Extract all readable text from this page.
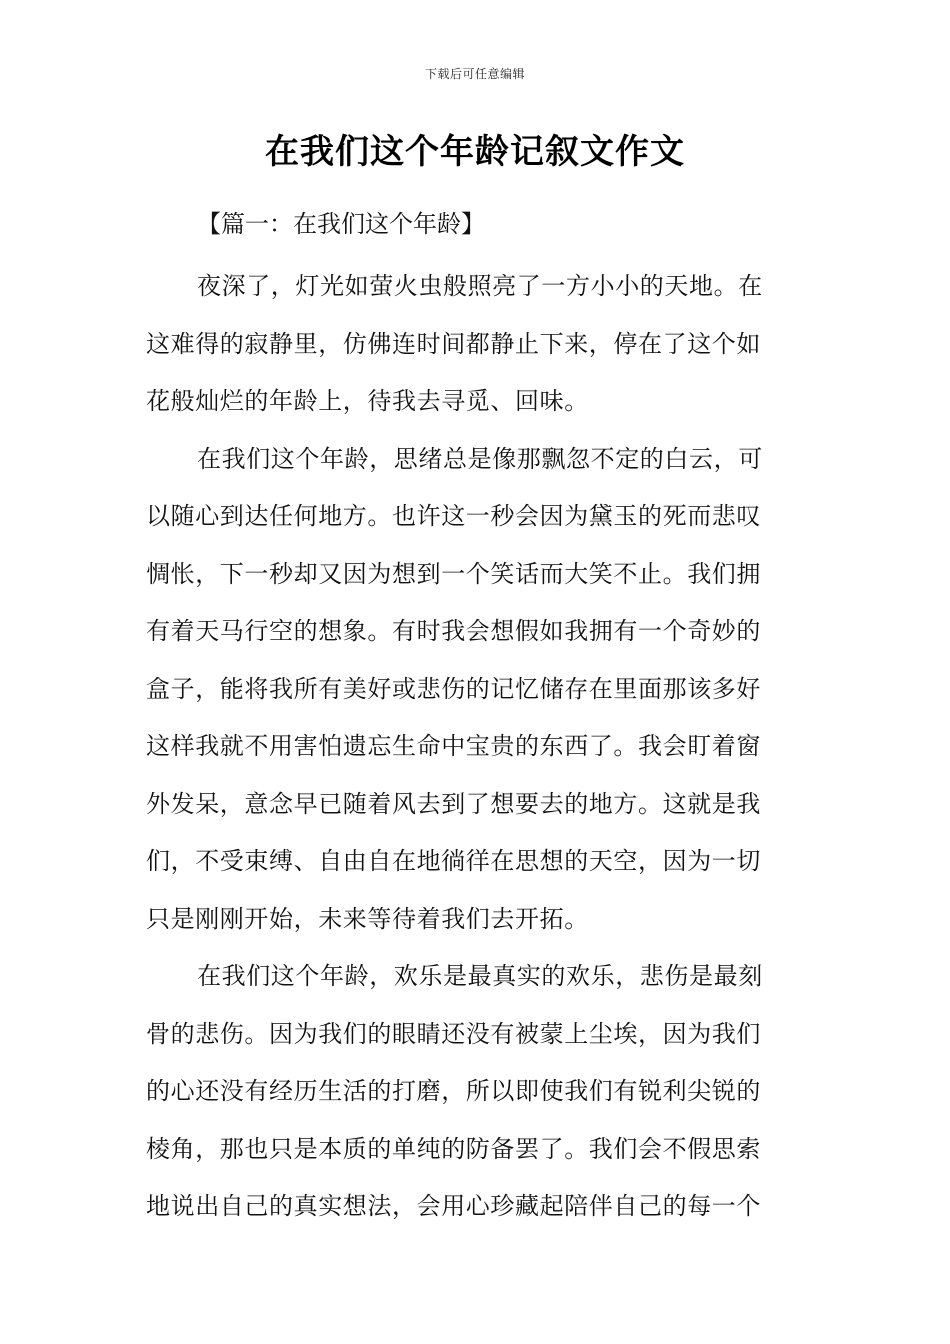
下载后可任意编辑
在我们这个年龄记叙文作文
【篇一：在我们这个年龄】

夜深了，灯光如萤火虫般照亮了一方小小的天地。在
这难得的寂静里，仿佛连时间都静止下来，停在了这个如
花般灿烂的年龄上，待我去寻觅、回味。

在我们这个年龄，思绪总是像那飘忽不定的白云，可
以随心到达任何地方。也许这一秒会因为黛玉的死而悲叹
惆怅，下一秒却又因为想到一个笑话而大笑不止。我们拥
有着天马行空的想象。有时我会想假如我拥有一个奇妙的
盒子，能将我所有美好或悲伤的记忆储存在里面那该多好
这样我就不用害怕遗忘生命中宝贵的东西了。我会盯着窗
外发呆，意念早已随着风去到了想要去的地方。这就是我
们，不受束缚、自由自在地徜徉在思想的天空，因为一切
只是刚刚开始，未来等待着我们去开拓。

在我们这个年龄，欢乐是最真实的欢乐，悲伤是最刻
骨的悲伤。因为我们的眼睛还没有被蒙上尘埃，因为我们
的心还没有经历生活的打磨，所以即使我们有锐利尖锐的
棱角，那也只是本质的单纯的防备罢了。我们会不假思索
地说出自己的真实想法，会用心珍藏起陪伴自己的每一个
